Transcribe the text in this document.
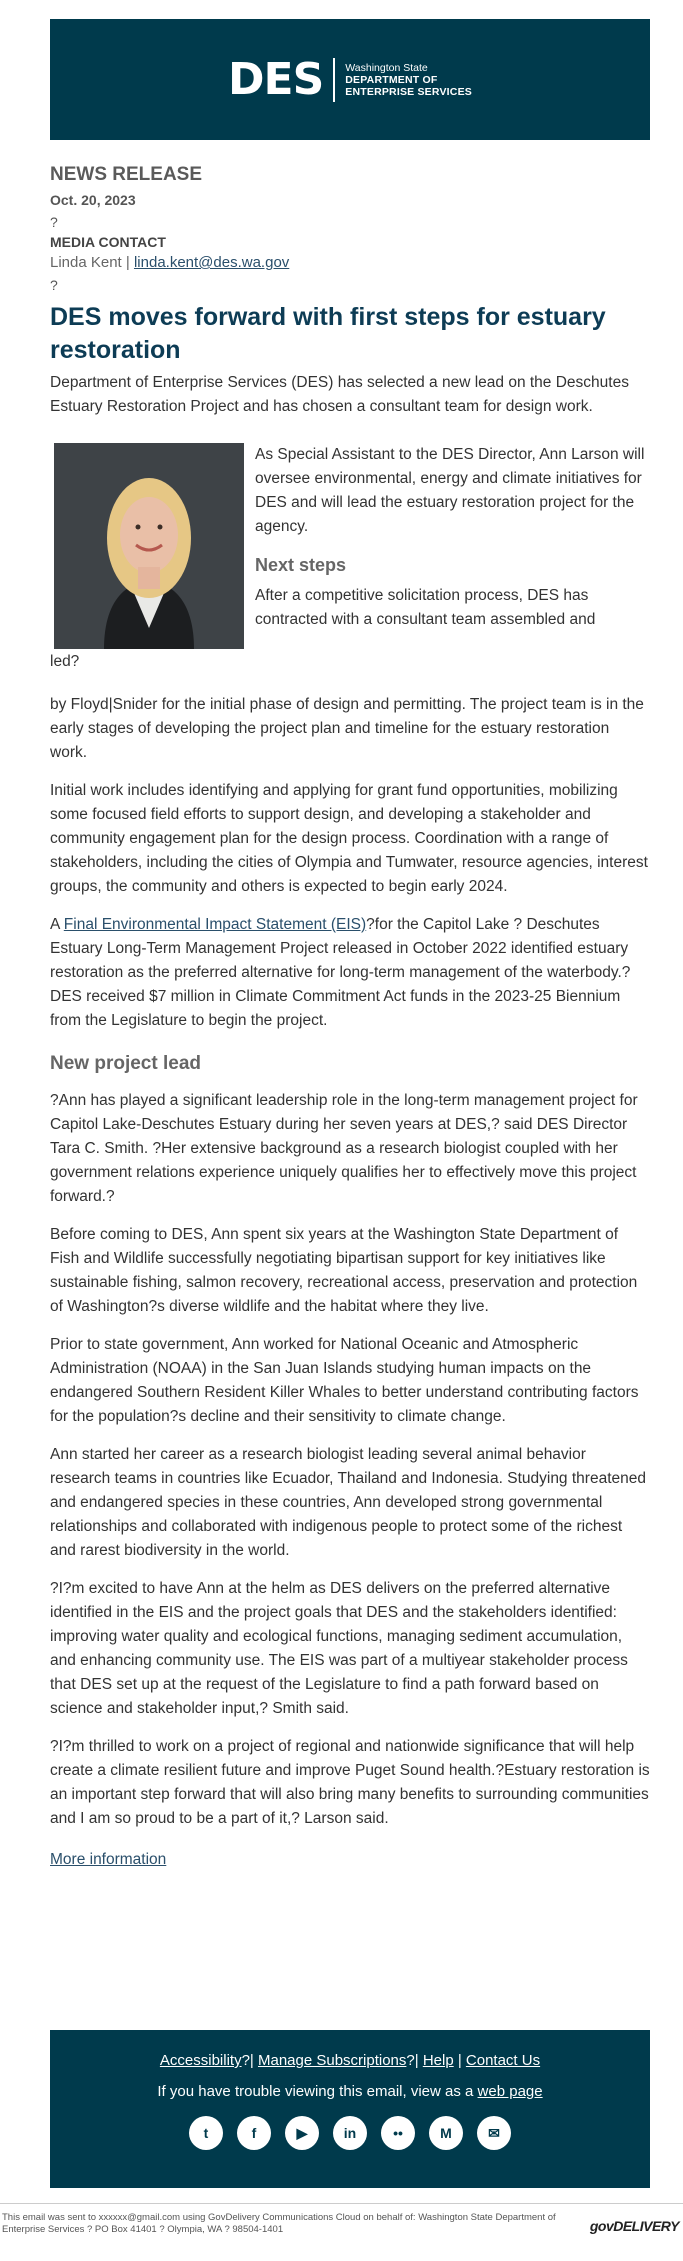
DES	Washington State
DEPARTMENT OF
ENTERPRISE SERVICES
NEWS RELEASE
Oct. 20, 2023
?
MEDIA CONTACT
Linda Kent | linda.kent@des.wa.gov
?
DES moves forward with first steps for estuary restoration

Department of Enterprise Services (DES) has selected a new lead on the Deschutes Estuary Restoration Project and has chosen a consultant team for design work.

As Special Assistant to the DES Director, Ann Larson will oversee environmental, energy and climate initiatives for DES and will lead the estuary restoration project for the agency.

Next steps

After a competitive solicitation process, DES has contracted with a consultant team assembled and

led?

by Floyd|Snider for the initial phase of design and permitting. The project team is in the early stages of developing the project plan and timeline for the estuary restoration work.

Initial work includes identifying and applying for grant fund opportunities, mobilizing some focused field efforts to support design, and developing a stakeholder and community engagement plan for the design process. Coordination with a range of stakeholders, including the cities of Olympia and Tumwater, resource agencies, interest groups, the community and others is expected to begin early 2024.

A Final Environmental Impact Statement (EIS)?for the Capitol Lake ? Deschutes Estuary Long-Term Management Project released in October 2022 identified estuary restoration as the preferred alternative for long-term management of the waterbody.?DES received $7 million in Climate Commitment Act funds in the 2023-25 Biennium from the Legislature to begin the project.

New project lead

?Ann has played a significant leadership role in the long-term management project for Capitol Lake-Deschutes Estuary during her seven years at DES,? said DES Director Tara C. Smith. ?Her extensive background as a research biologist coupled with her government relations experience uniquely qualifies her to effectively move this project forward.?

Before coming to DES, Ann spent six years at the Washington State Department of Fish and Wildlife successfully negotiating bipartisan support for key initiatives like sustainable fishing, salmon recovery, recreational access, preservation and protection of Washington?s diverse wildlife and the habitat where they live.

Prior to state government, Ann worked for National Oceanic and Atmospheric Administration (NOAA) in the San Juan Islands studying human impacts on the endangered Southern Resident Killer Whales to better understand contributing factors for the population?s decline and their sensitivity to climate change.

Ann started her career as a research biologist leading several animal behavior research teams in countries like Ecuador, Thailand and Indonesia. Studying threatened and endangered species in these countries, Ann developed strong governmental relationships and collaborated with indigenous people to protect some of the richest and rarest biodiversity in the world.

?I?m excited to have Ann at the helm as DES delivers on the preferred alternative identified in the EIS and the project goals that DES and the stakeholders identified: improving water quality and ecological functions, managing sediment accumulation, and enhancing community use. The EIS was part of a multiyear stakeholder process that DES set up at the request of the Legislature to find a path forward based on science and stakeholder input,? Smith said.

?I?m thrilled to work on a project of regional and nationwide significance that will help create a climate resilient future and improve Puget Sound health.?Estuary restoration is an important step forward that will also bring many benefits to surrounding communities and I am so proud to be a part of it,? Larson said.

More information
Accessibility?| Manage Subscriptions?| Help | Contact Us
If you have trouble viewing this email, view as a web page
t	f	▶	in	••	M	✉
This email was sent to xxxxxx@gmail.com using GovDelivery Communications Cloud on behalf of: Washington State Department of Enterprise Services ? PO Box 41401 ? Olympia, WA ? 98504-1401	govDELIVERY
